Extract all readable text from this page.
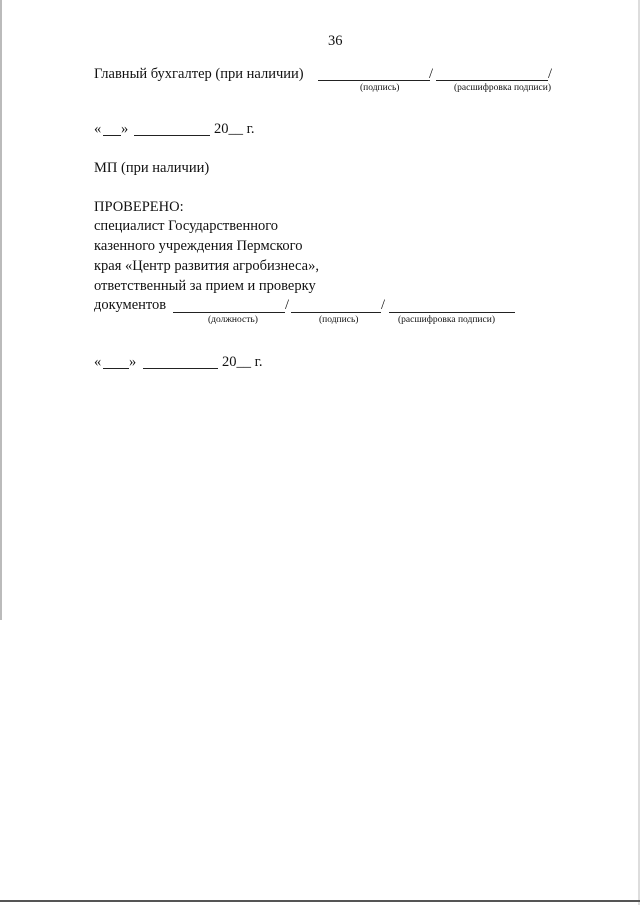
36
Главный бухгалтер (при наличии)	/	/
(подпись)	(расшифровка подписи)
« »	20__ г.
МП (при наличии)
ПРОВЕРЕНО:
специалист Государственного
казенного учреждения Пермского
края «Центр развития агробизнеса»,
ответственный за прием и проверку
документов	/	/
(должность)	(подпись)	(расшифровка подписи)
« »	20__ г.
